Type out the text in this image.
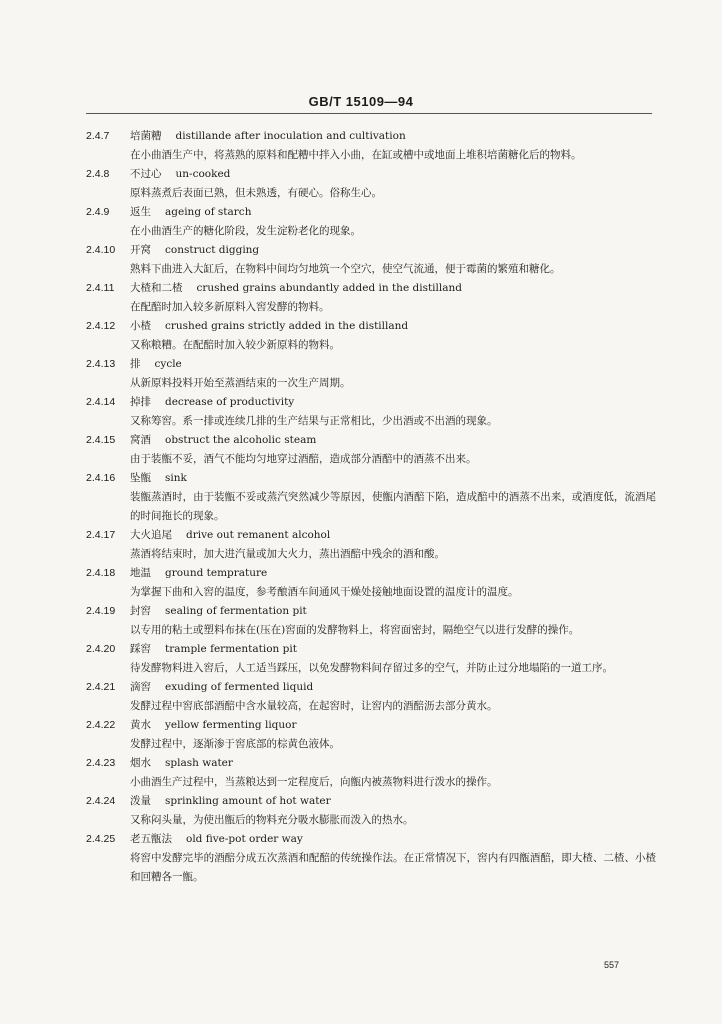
GB/T 15109—94
2.4.7	培菌糟 distillande after inoculation and cultivation
在小曲酒生产中，将蒸熟的原料和配糟中拌入小曲，在缸或槽中或地面上堆积培菌糖化后的物料。
2.4.8	不过心 un-cooked
原料蒸煮后表面已熟，但未熟透，有硬心。俗称生心。
2.4.9	返生 ageing of starch
在小曲酒生产的糖化阶段，发生淀粉老化的现象。
2.4.10	开窝 construct digging
熟料下曲进入大缸后，在物料中间均匀地筑一个空穴，使空气流通，便于霉菌的繁殖和糖化。
2.4.11	大楂和二楂 crushed grains abundantly added in the distilland
在配醅时加入较多新原料入窖发酵的物料。
2.4.12	小楂 crushed grains strictly added in the distilland
又称粮糟。在配醅时加入较少新原料的物料。
2.4.13	排 cycle
从新原料投料开始至蒸酒结束的一次生产周期。
2.4.14	掉排 decrease of productivity
又称筹窖。系一排或连续几排的生产结果与正常相比，少出酒或不出酒的现象。
2.4.15	窝酒 obstruct the alcoholic steam
由于装甑不妥，酒气不能均匀地穿过酒醅，造成部分酒醅中的酒蒸不出来。
2.4.16	坠甑 sink
装甑蒸酒时，由于装甑不妥或蒸汽突然减少等原因，使甑内酒醅下陷，造成醅中的酒蒸不出来，或酒度低，流酒尾的时间拖长的现象。
2.4.17	大火追尾 drive out remanent alcohol
蒸酒将结束时，加大进汽量或加大火力，蒸出酒醅中残余的酒和酸。
2.4.18	地温 ground temprature
为掌握下曲和入窖的温度，参考酿酒车间通风干燥处接触地面设置的温度计的温度。
2.4.19	封窖 sealing of fermentation pit
以专用的粘土或塑料布抹在(压在)窖面的发酵物料上，将窖面密封，隔绝空气以进行发酵的操作。
2.4.20	踩窖 trample fermentation pit
待发酵物料进入窖后，人工适当踩压，以免发酵物料间存留过多的空气，并防止过分地塌陷的一道工序。
2.4.21	滴窖 exuding of fermented liquid
发酵过程中窖底部酒醅中含水量较高，在起窖时，让窖内的酒醅沥去部分黄水。
2.4.22	黄水 yellow fermenting liquor
发酵过程中，逐渐渗于窖底部的棕黄色液体。
2.4.23	烟水 splash water
小曲酒生产过程中，当蒸粮达到一定程度后，向甑内被蒸物料进行泼水的操作。
2.4.24	泼量 sprinkling amount of hot water
又称闷头量，为使出甑后的物料充分吸水膨胀而泼入的热水。
2.4.25	老五甑法 old five-pot order way
将窖中发酵完毕的酒醅分成五次蒸酒和配醅的传统操作法。在正常情况下，窖内有四甑酒醅，即大楂、二楂、小楂和回糟各一甑。
557
